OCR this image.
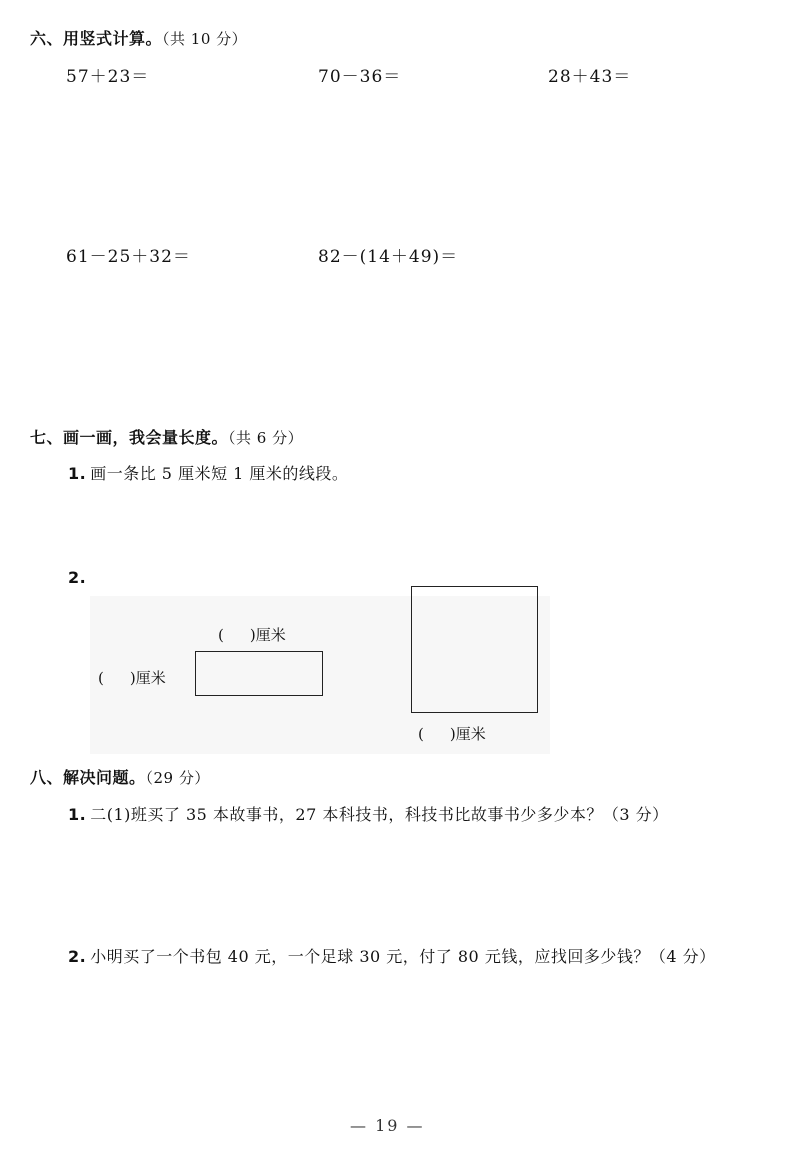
六、用竖式计算。（共 10 分）
57＋23＝	70－36＝	28＋43＝
61－25＋32＝	82－(14＋49)＝
七、画一画，我会量长度。（共 6 分）
1. 画一条比 5 厘米短 1 厘米的线段。
2.
( )厘米
( )厘米
( )厘米
八、解决问题。（29 分）
1. 二(1)班买了 35 本故事书，27 本科技书，科技书比故事书少多少本？（3 分）
2. 小明买了一个书包 40 元，一个足球 30 元，付了 80 元钱，应找回多少钱？（4 分）
— 19 —
